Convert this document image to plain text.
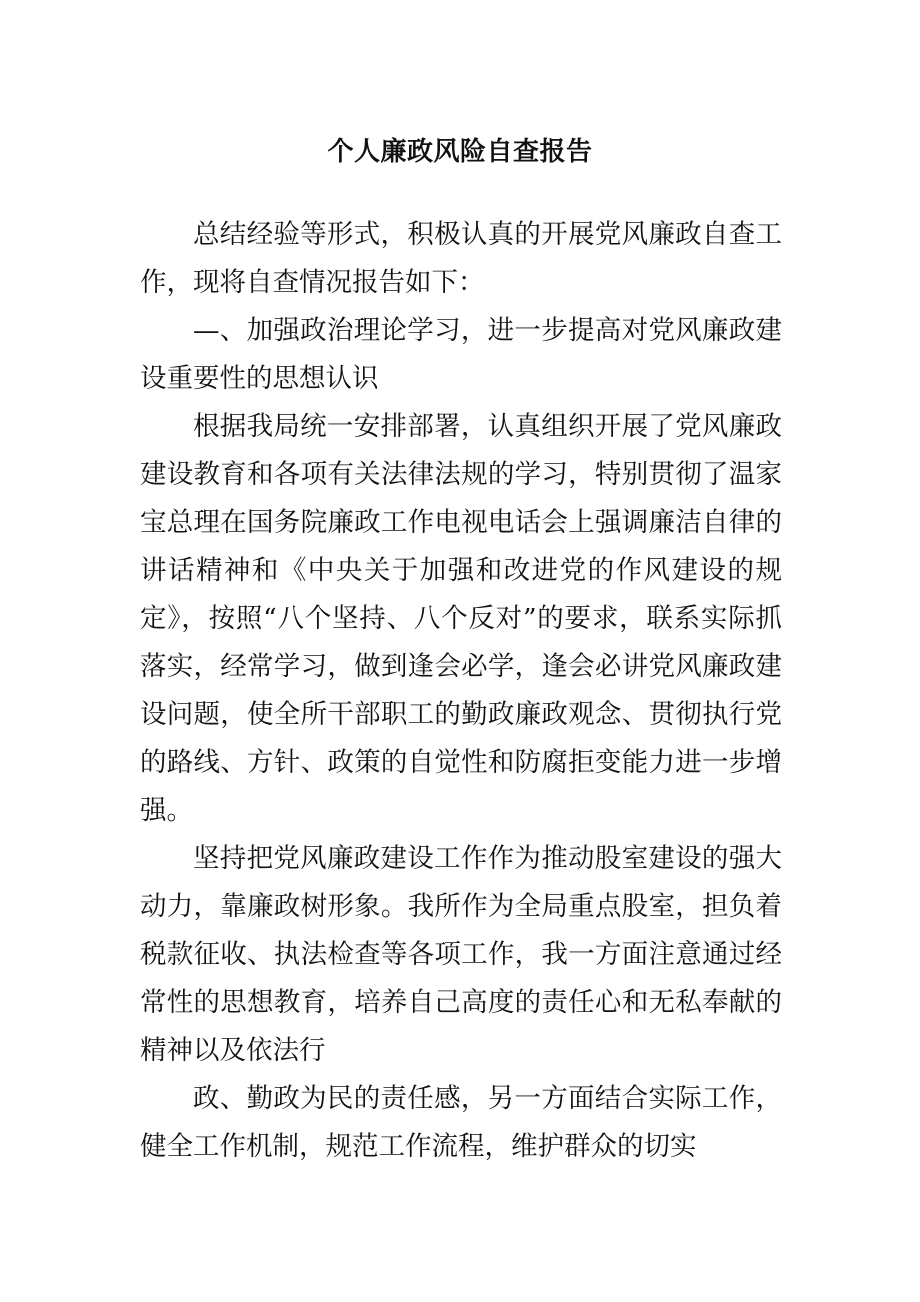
个人廉政风险自查报告

总结经验等形式，积极认真的开展党风廉政自查工作，现将自查情况报告如下：

—、加强政治理论学习，进一步提高对党风廉政建设重要性的思想认识

根据我局统一安排部署，认真组织开展了党风廉政建设教育和各项有关法律法规的学习，特别贯彻了温家宝总理在国务院廉政工作电视电话会上强调廉洁自律的讲话精神和《中央关于加强和改进党的作风建设的规定》，按照“八个坚持、八个反对”的要求，联系实际抓落实，经常学习，做到逢会必学，逢会必讲党风廉政建设问题，使全所干部职工的勤政廉政观念、贯彻执行党的路线、方针、政策的自觉性和防腐拒变能力进一步增强。

坚持把党风廉政建设工作作为推动股室建设的强大动力，靠廉政树形象。我所作为全局重点股室，担负着税款征收、执法检查等各项工作，我一方面注意通过经常性的思想教育，培养自己高度的责任心和无私奉献的精神以及依法行

政、勤政为民的责任感，另一方面结合实际工作，健全工作机制，规范工作流程，维护群众的切实
